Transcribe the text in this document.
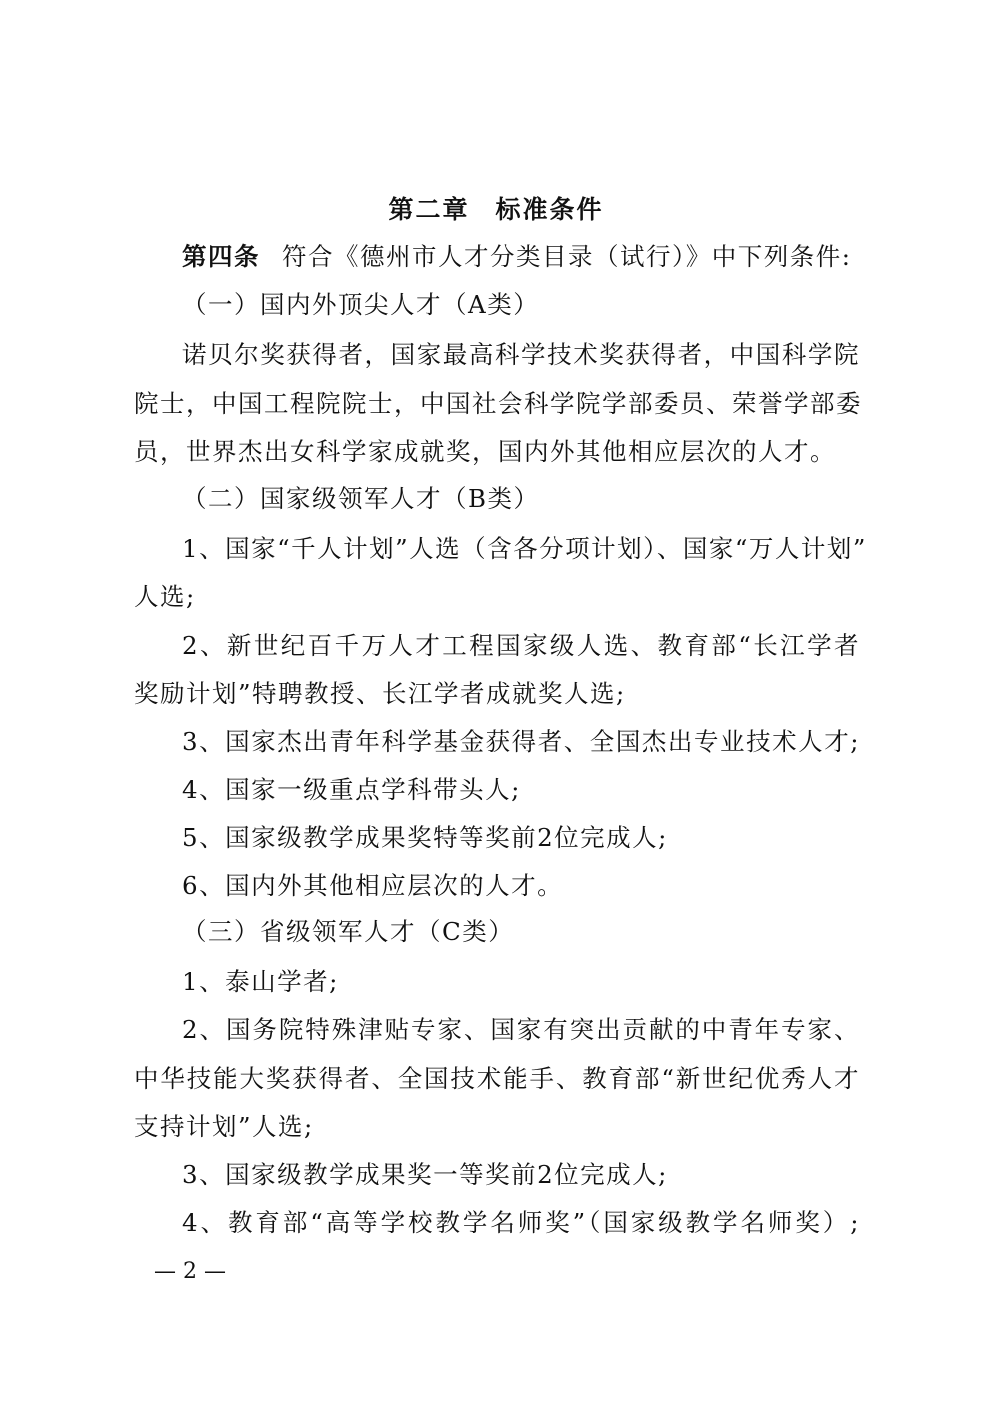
第二章 标准条件
第四条 符合《德州市人才分类目录（试行）》中下列条件:
（一）国内外顶尖人才（A类）
诺贝尔奖获得者，国家最高科学技术奖获得者，中国科学院
院士，中国工程院院士，中国社会科学院学部委员、荣誉学部委
员，世界杰出女科学家成就奖，国内外其他相应层次的人才。
（二）国家级领军人才（B类）
1、国家“千人计划”人选（含各分项计划）、国家“万人计划”
人选;
2、新世纪百千万人才工程国家级人选、教育部“长江学者
奖励计划”特聘教授、长江学者成就奖人选;
3、国家杰出青年科学基金获得者、全国杰出专业技术人才;
4、国家一级重点学科带头人;
5、国家级教学成果奖特等奖前2位完成人;
6、国内外其他相应层次的人才。
（三）省级领军人才（C类）
1、泰山学者;
2、国务院特殊津贴专家、国家有突出贡献的中青年专家、
中华技能大奖获得者、全国技术能手、教育部“新世纪优秀人才
支持计划”人选;
3、国家级教学成果奖一等奖前2位完成人;
4、教育部“高等学校教学名师奖”（国家级教学名师奖）;
— 2 —
